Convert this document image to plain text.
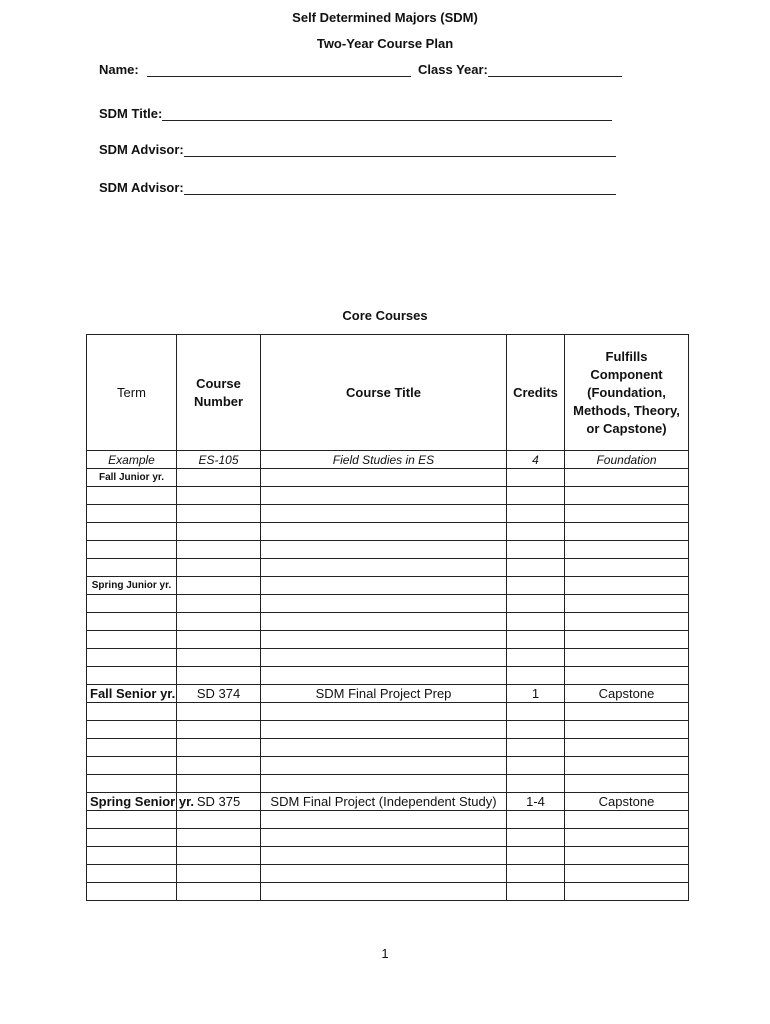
Self Determined Majors (SDM)
Two-Year Course Plan
Name:	Class Year:
SDM Title:
SDM Advisor:
SDM Advisor:
Core Courses
Term	Course Number	Course Title	Credits	Fulfills Component (Foundation, Methods, Theory, or Capstone)
Example	ES-105	Field Studies in ES	4	Foundation
Fall Junior yr.				

Spring Junior yr.				

Fall Senior yr.	SD 374	SDM Final Project Prep	1	Capstone

Spring Senior yr.	SD 375	SDM Final Project (Independent Study)	1-4	Capstone

1
